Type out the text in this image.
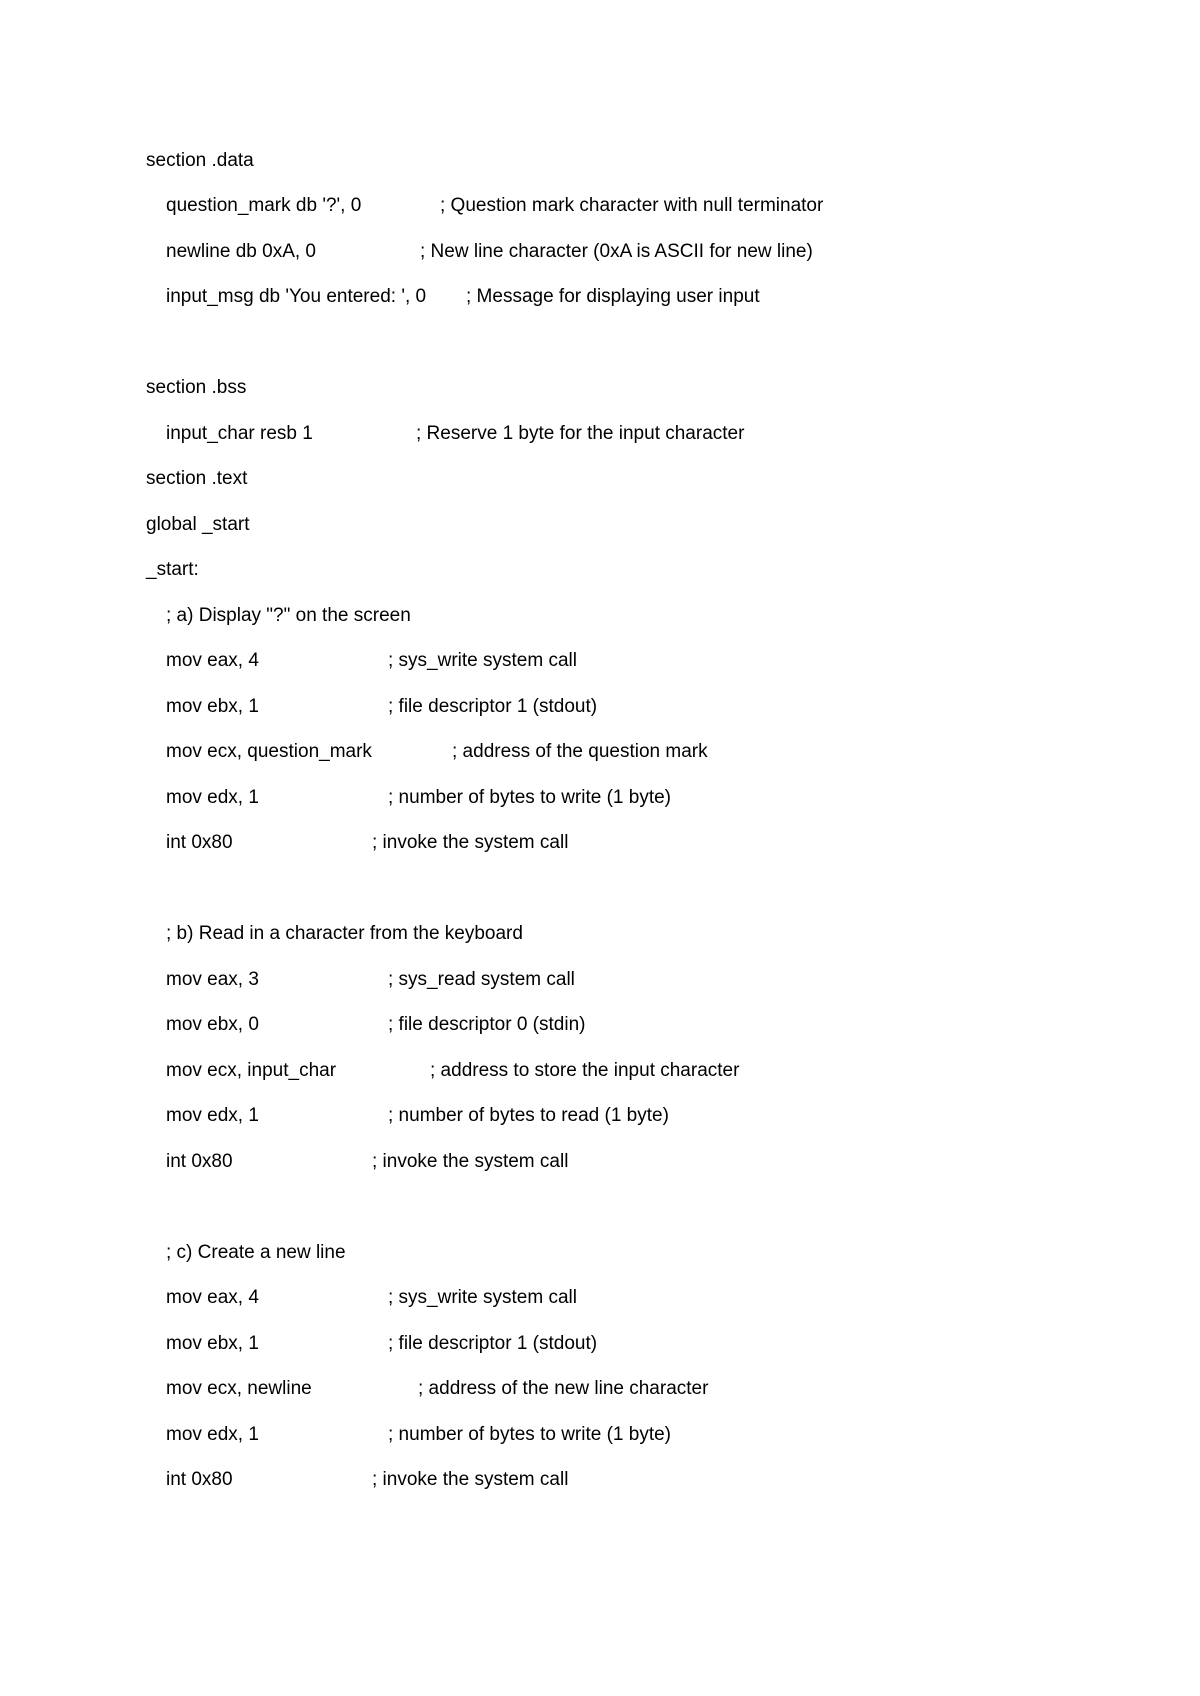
section .data
question_mark db '?', 0	; Question mark character with null terminator
newline db 0xA, 0	; New line character (0xA is ASCII for new line)
input_msg db 'You entered: ', 0 ; Message for displaying user input
section .bss
input_char resb 1	; Reserve 1 byte for the input character
section .text
global _start
_start:
; a) Display "?" on the screen
mov eax, 4	; sys_write system call
mov ebx, 1	; file descriptor 1 (stdout)
mov ecx, question_mark	; address of the question mark
mov edx, 1	; number of bytes to write (1 byte)
int 0x80	; invoke the system call
; b) Read in a character from the keyboard
mov eax, 3	; sys_read system call
mov ebx, 0	; file descriptor 0 (stdin)
mov ecx, input_char	; address to store the input character
mov edx, 1	; number of bytes to read (1 byte)
int 0x80	; invoke the system call
; c) Create a new line
mov eax, 4	; sys_write system call
mov ebx, 1	; file descriptor 1 (stdout)
mov ecx, newline	; address of the new line character
mov edx, 1	; number of bytes to write (1 byte)
int 0x80	; invoke the system call
